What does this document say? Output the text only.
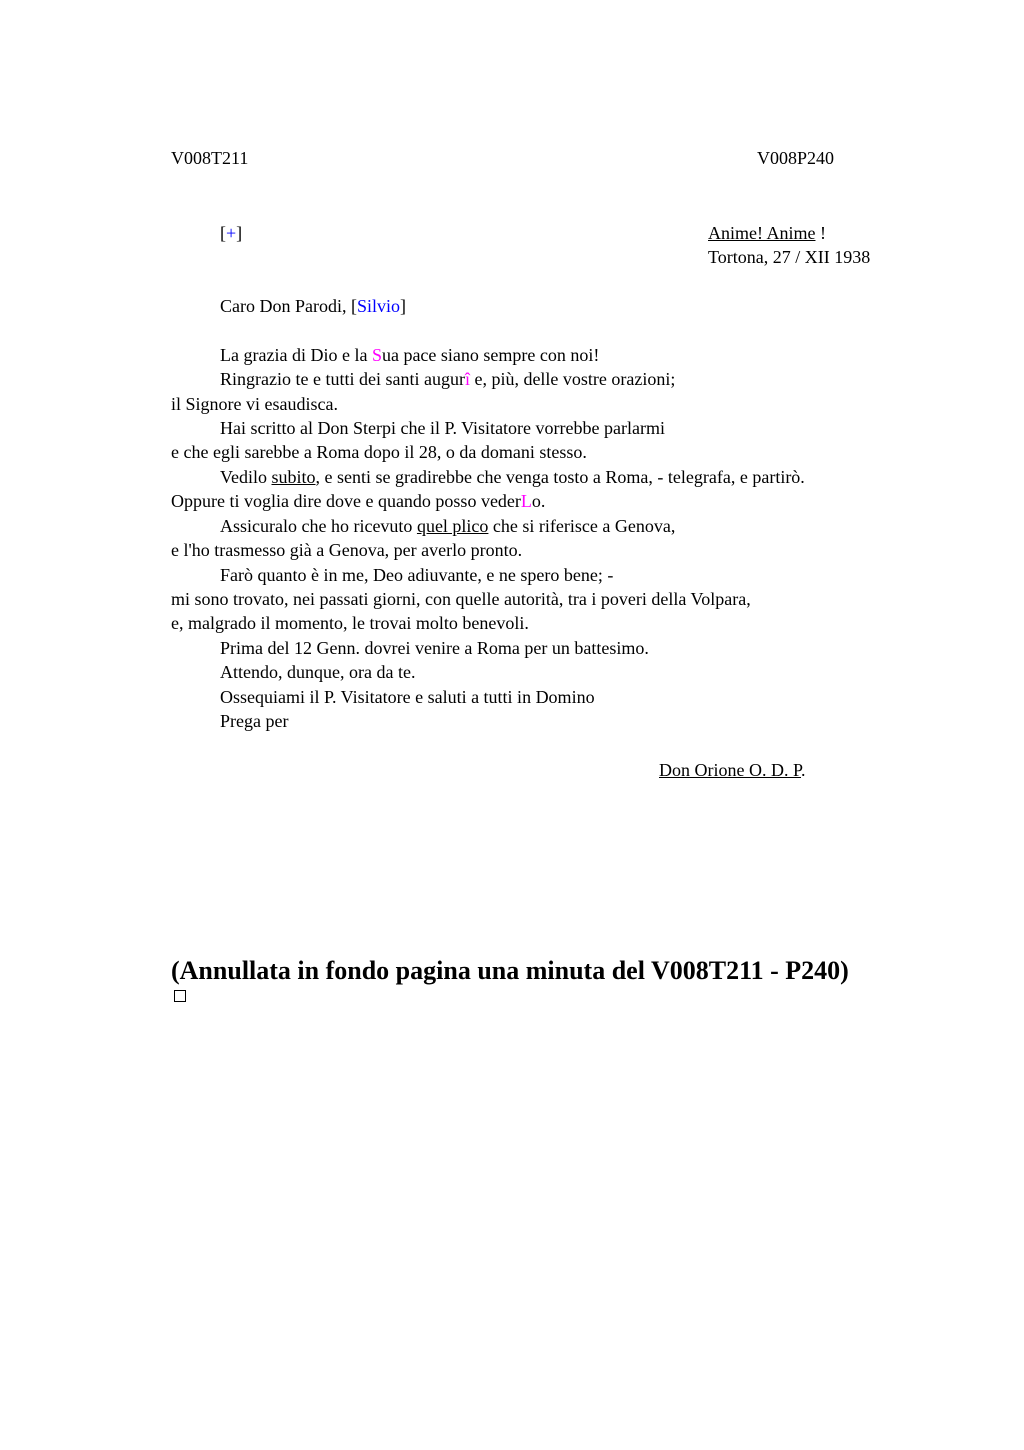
V008T211	V008P240
[+]	Anime! Anime !
Tortona, 27 / XII 1938
Caro Don Parodi, [Silvio]
La grazia di Dio e la Sua pace siano sempre con noi!
Ringrazio te e tutti dei santi augurî e, più, delle vostre orazioni;
il Signore vi esaudisca.
Hai scritto al Don Sterpi che il P. Visitatore vorrebbe parlarmi
e che egli sarebbe a Roma dopo il 28, o da domani stesso.
Vedilo subito, e senti se gradirebbe che venga tosto a Roma, - telegrafa, e partirò.
Oppure ti voglia dire dove e quando posso vederLo.
Assicuralo che ho ricevuto quel plico che si riferisce a Genova,
e l'ho trasmesso già a Genova, per averlo pronto.
Farò quanto è in me, Deo adiuvante, e ne spero bene; -
mi sono trovato, nei passati giorni, con quelle autorità, tra i poveri della Volpara,
e, malgrado il momento, le trovai molto benevoli.
Prima del 12 Genn. dovrei venire a Roma per un battesimo.
Attendo, dunque, ora da te.
Ossequiami il P. Visitatore e saluti a tutti in Domino
Prega per
Don Orione O. D. P.
(Annullata in fondo pagina una minuta del V008T211 - P240)
